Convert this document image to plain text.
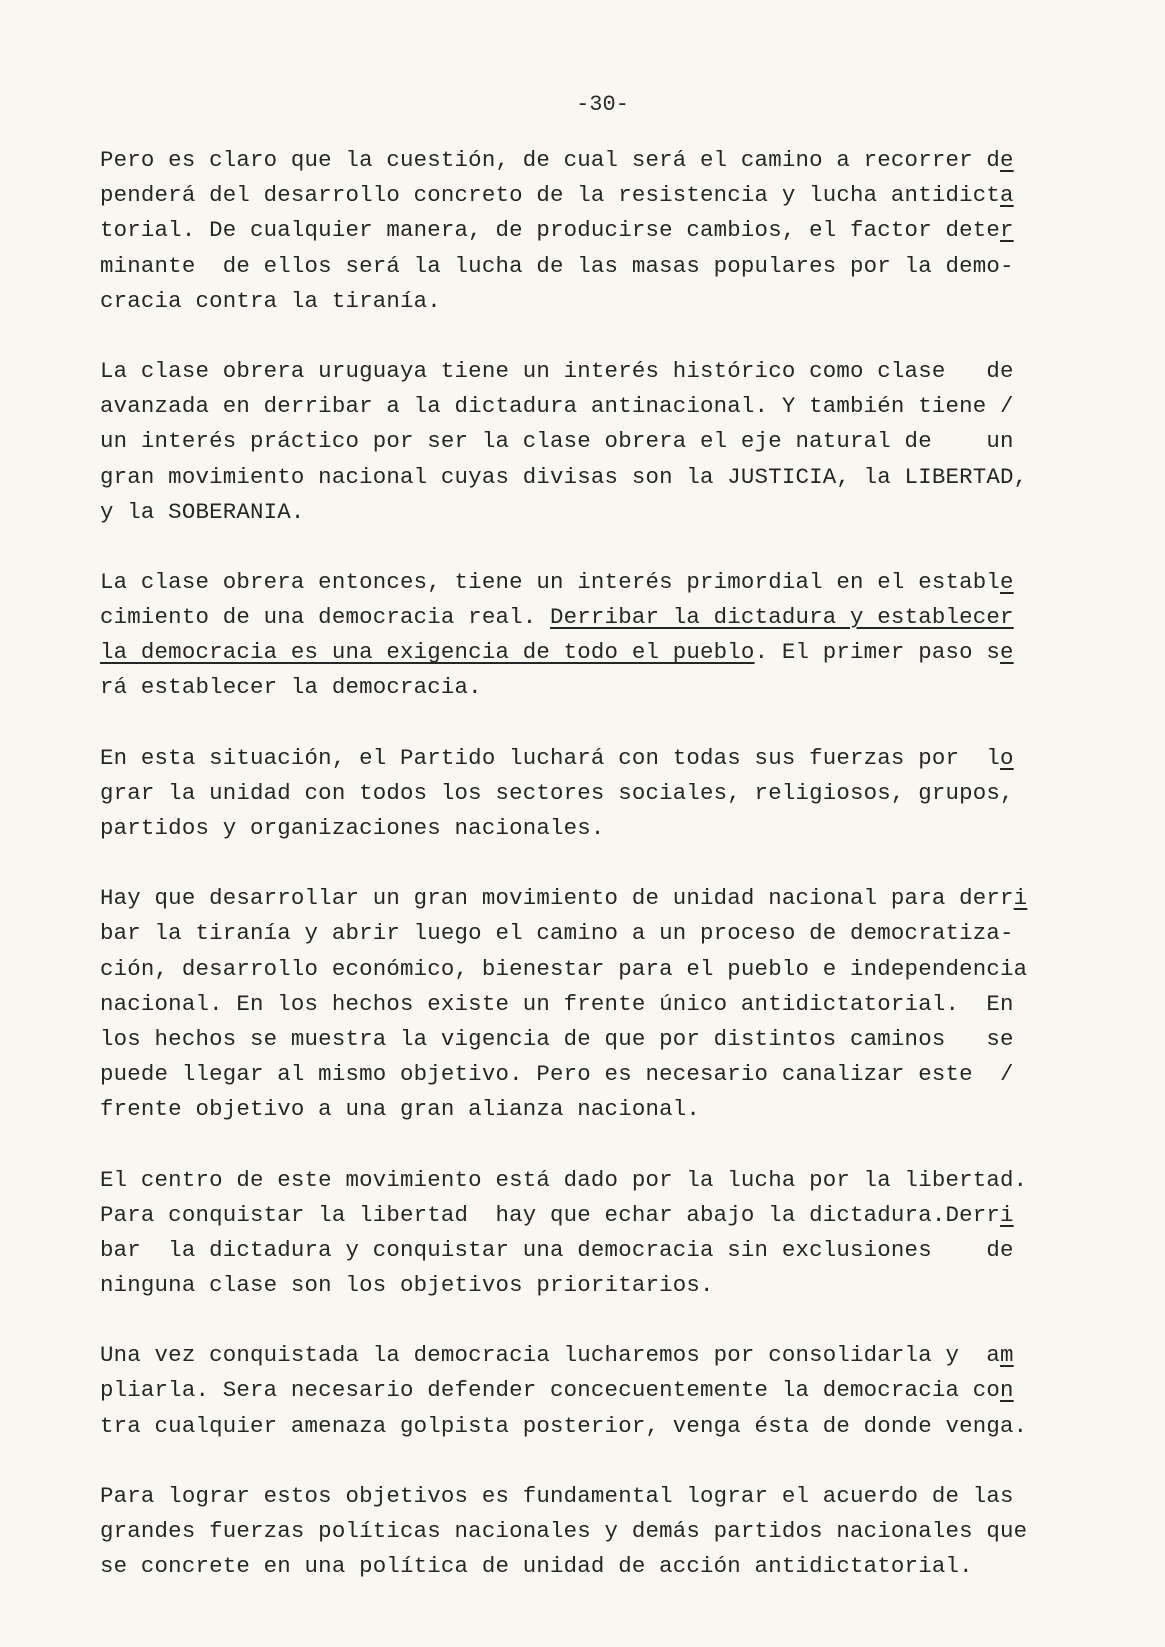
-30-
Pero es claro que la cuestión, de cual será el camino a recorrer de
penderá del desarrollo concreto de la resistencia y lucha antidicta
torial. De cualquier manera, de producirse cambios, el factor deter
minante  de ellos será la lucha de las masas populares por la demo-
cracia contra la tiranía.
La clase obrera uruguaya tiene un interés histórico como clase   de
avanzada en derribar a la dictadura antinacional. Y también tiene /
un interés práctico por ser la clase obrera el eje natural de    un
gran movimiento nacional cuyas divisas son la JUSTICIA, la LIBERTAD,
y la SOBERANIA.
La clase obrera entonces, tiene un interés primordial en el estable
cimiento de una democracia real. Derribar la dictadura y establecer
la democracia es una exigencia de todo el pueblo. El primer paso se
rá establecer la democracia.
En esta situación, el Partido luchará con todas sus fuerzas por  lo
grar la unidad con todos los sectores sociales, religiosos, grupos,
partidos y organizaciones nacionales.
Hay que desarrollar un gran movimiento de unidad nacional para derri
bar la tiranía y abrir luego el camino a un proceso de democratiza-
ción, desarrollo económico, bienestar para el pueblo e independencia
nacional. En los hechos existe un frente único antidictatorial.  En
los hechos se muestra la vigencia de que por distintos caminos   se
puede llegar al mismo objetivo. Pero es necesario canalizar este  /
frente objetivo a una gran alianza nacional.
El centro de este movimiento está dado por la lucha por la libertad.
Para conquistar la libertad  hay que echar abajo la dictadura.Derri
bar  la dictadura y conquistar una democracia sin exclusiones    de
ninguna clase son los objetivos prioritarios.
Una vez conquistada la democracia lucharemos por consolidarla y  am
pliarla. Sera necesario defender concecuentemente la democracia con
tra cualquier amenaza golpista posterior, venga ésta de donde venga.
Para lograr estos objetivos es fundamental lograr el acuerdo de las
grandes fuerzas políticas nacionales y demás partidos nacionales que
se concrete en una política de unidad de acción antidictatorial.
